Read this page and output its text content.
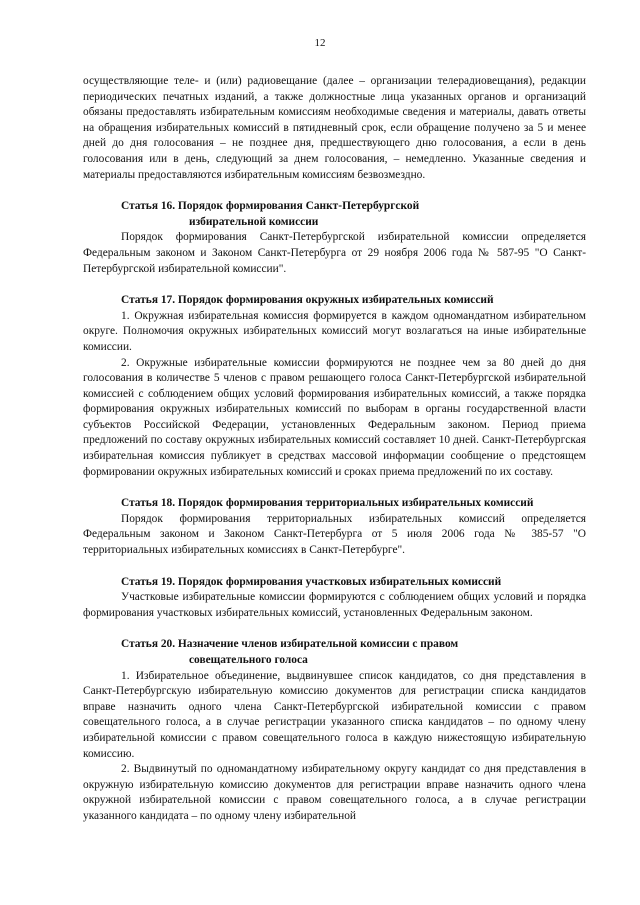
12

осуществляющие теле- и (или) радиовещание (далее – организации телерадиовещания), редакции периодических печатных изданий, а также должностные лица указанных органов и организаций обязаны предоставлять избирательным комиссиям необходимые сведения и материалы, давать ответы на обращения избирательных комиссий в пятидневный срок, если обращение получено за 5 и менее дней до дня голосования – не позднее дня, предшествующего дню голосования, а если в день голосования или в день, следующий за днем голосования, – немедленно. Указанные сведения и материалы предоставляются избирательным комиссиям безвозмездно.

Статья 16. Порядок формирования Санкт-Петербургской
избирательной комиссии

Порядок формирования Санкт-Петербургской избирательной комиссии определяется Федеральным законом и Законом Санкт-Петербурга от 29 ноября 2006 года № 587-95 "О Санкт-Петербургской избирательной комиссии".

Статья 17. Порядок формирования окружных избирательных комиссий

1. Окружная избирательная комиссия формируется в каждом одномандатном избирательном округе. Полномочия окружных избирательных комиссий могут возлагаться на иные избирательные комиссии.

2. Окружные избирательные комиссии формируются не позднее чем за 80 дней до дня голосования в количестве 5 членов с правом решающего голоса Санкт-Петербургской избирательной комиссией с соблюдением общих условий формирования избирательных комиссий, а также порядка формирования окружных избирательных комиссий по выборам в органы государственной власти субъектов Российской Федерации, установленных Федеральным законом. Период приема предложений по составу окружных избирательных комиссий составляет 10 дней. Санкт-Петербургская избирательная комиссия публикует в средствах массовой информации сообщение о предстоящем формировании окружных избирательных комиссий и сроках приема предложений по их составу.

Статья 18. Порядок формирования территориальных избирательных комиссий

Порядок формирования территориальных избирательных комиссий определяется Федеральным законом и Законом Санкт-Петербурга от 5 июля 2006 года № 385-57 "О территориальных избирательных комиссиях в Санкт-Петербурге".

Статья 19. Порядок формирования участковых избирательных комиссий

Участковые избирательные комиссии формируются с соблюдением общих условий и порядка формирования участковых избирательных комиссий, установленных Федеральным законом.

Статья 20. Назначение членов избирательной комиссии с правом
совещательного голоса

1. Избирательное объединение, выдвинувшее список кандидатов, со дня представления в Санкт-Петербургскую избирательную комиссию документов для регистрации списка кандидатов вправе назначить одного члена Санкт-Петербургской избирательной комиссии с правом совещательного голоса, а в случае регистрации указанного списка кандидатов – по одному члену избирательной комиссии с правом совещательного голоса в каждую нижестоящую избирательную комиссию.

2. Выдвинутый по одномандатному избирательному округу кандидат со дня представления в окружную избирательную комиссию документов для регистрации вправе назначить одного члена окружной избирательной комиссии с правом совещательного голоса, а в случае регистрации указанного кандидата – по одному члену избирательной
